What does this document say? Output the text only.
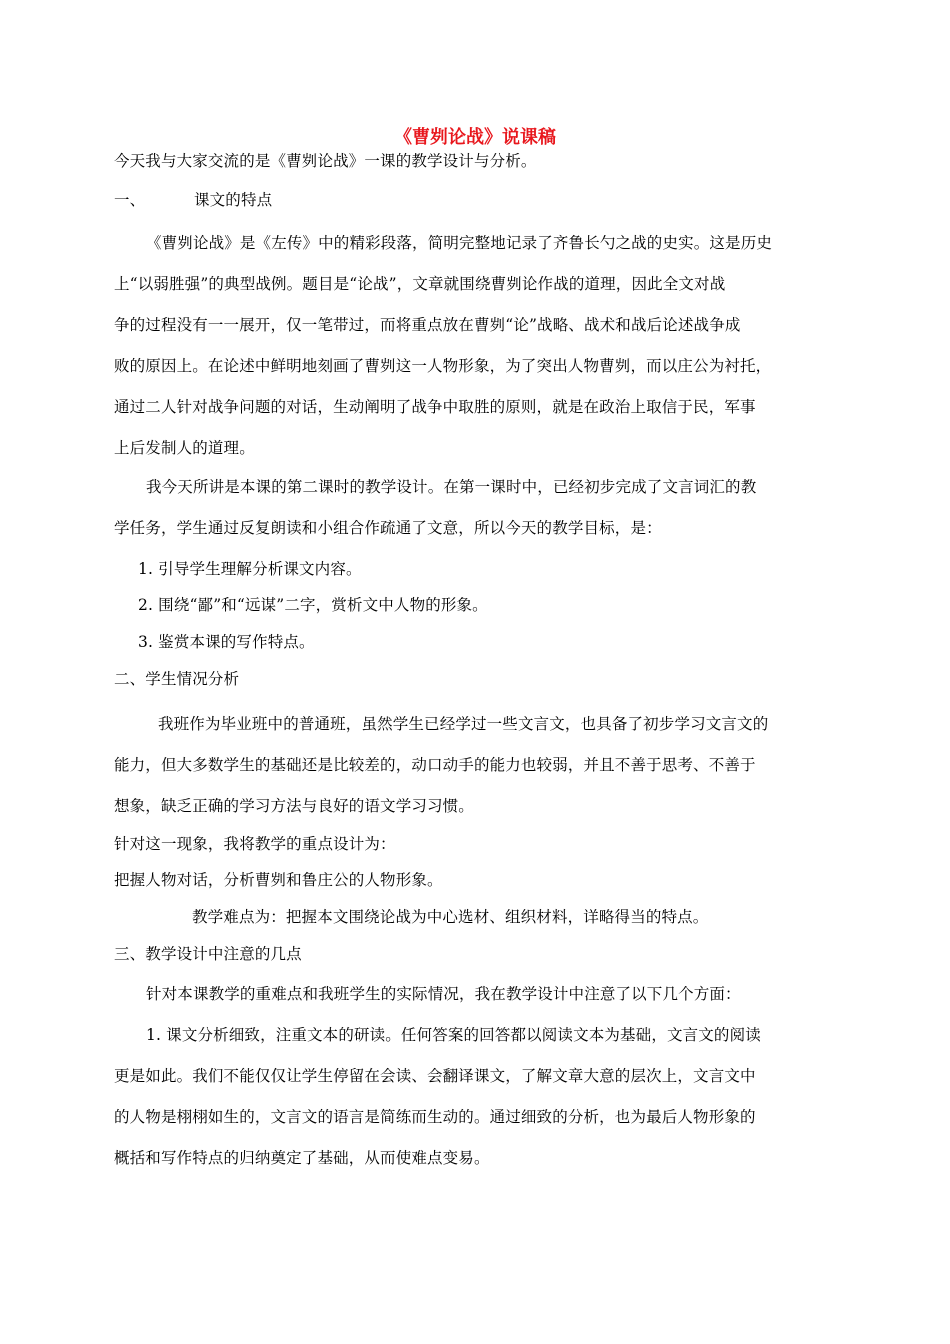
《曹刿论战》说课稿
今天我与大家交流的是《曹刿论战》一课的教学设计与分析。
一、	课文的特点
《曹刿论战》是《左传》中的精彩段落，简明完整地记录了齐鲁长勺之战的史实。这是历史
上“以弱胜强”的典型战例。题目是“论战”，文章就围绕曹刿论作战的道理，因此全文对战
争的过程没有一一展开，仅一笔带过，而将重点放在曹刿“论”战略、战术和战后论述战争成
败的原因上。在论述中鲜明地刻画了曹刿这一人物形象，为了突出人物曹刿，而以庄公为衬托，
通过二人针对战争问题的对话，生动阐明了战争中取胜的原则，就是在政治上取信于民，军事
上后发制人的道理。
我今天所讲是本课的第二课时的教学设计。在第一课时中，已经初步完成了文言词汇的教
学任务，学生通过反复朗读和小组合作疏通了文意，所以今天的教学目标，是：
1. 引导学生理解分析课文内容。
2. 围绕“鄙”和“远谋”二字，赏析文中人物的形象。
3. 鉴赏本课的写作特点。
二、学生情况分析
我班作为毕业班中的普通班，虽然学生已经学过一些文言文，也具备了初步学习文言文的
能力，但大多数学生的基础还是比较差的，动口动手的能力也较弱，并且不善于思考、不善于
想象，缺乏正确的学习方法与良好的语文学习习惯。
针对这一现象，我将教学的重点设计为：
把握人物对话，分析曹刿和鲁庄公的人物形象。
教学难点为：把握本文围绕论战为中心选材、组织材料，详略得当的特点。
三、教学设计中注意的几点
针对本课教学的重难点和我班学生的实际情况，我在教学设计中注意了以下几个方面：
1. 课文分析细致，注重文本的研读。任何答案的回答都以阅读文本为基础，文言文的阅读
更是如此。我们不能仅仅让学生停留在会读、会翻译课文，了解文章大意的层次上，文言文中
的人物是栩栩如生的，文言文的语言是简练而生动的。通过细致的分析，也为最后人物形象的
概括和写作特点的归纳奠定了基础，从而使难点变易。
